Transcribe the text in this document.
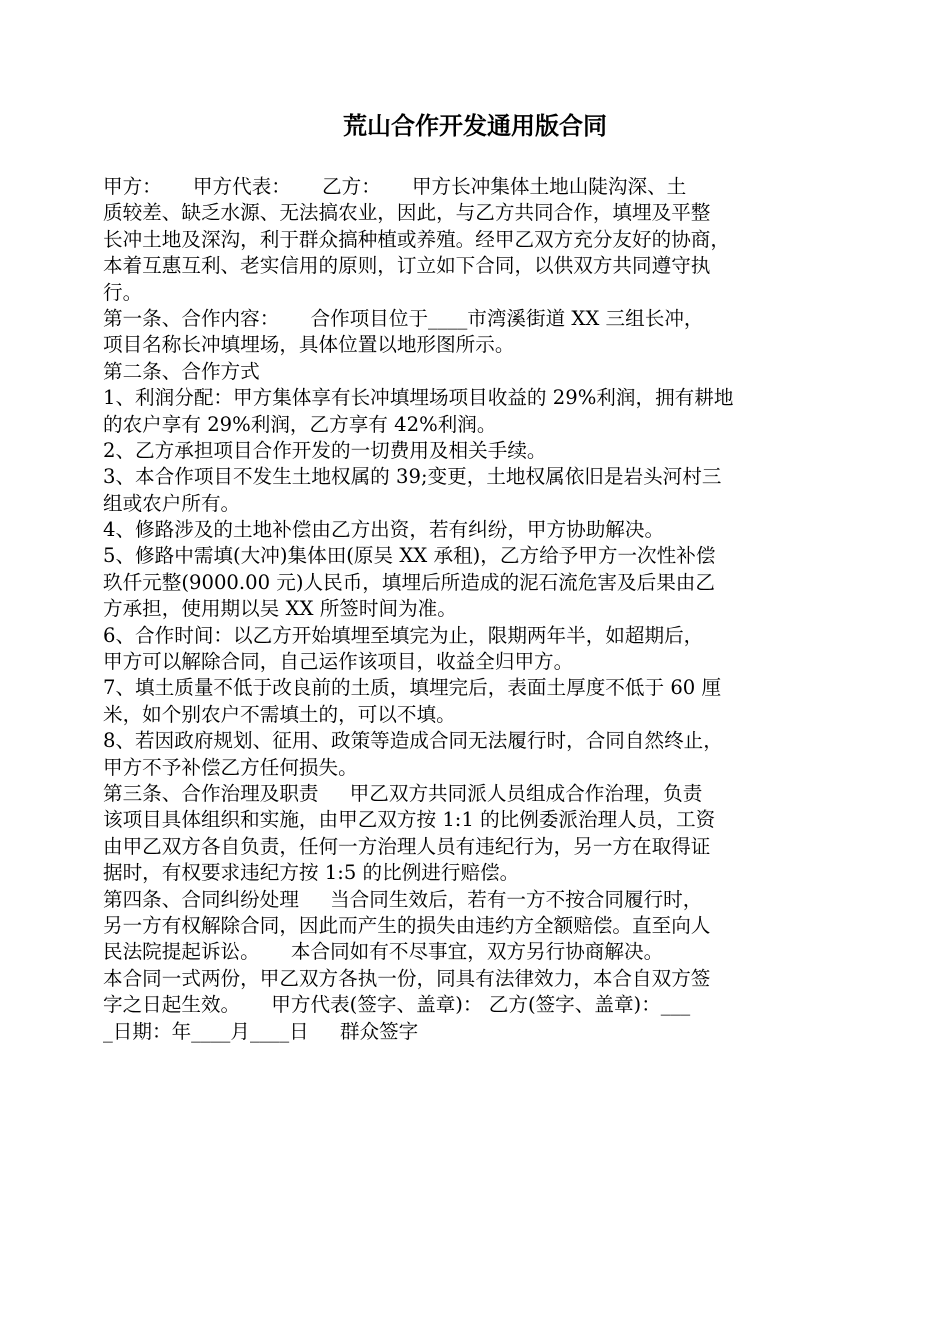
荒山合作开发通用版合同
甲方：     甲方代表：     乙方：     甲方长冲集体土地山陡沟深、土
质较差、缺乏水源、无法搞农业，因此，与乙方共同合作，填埋及平整
长冲土地及深沟，利于群众搞种植或养殖。经甲乙双方充分友好的协商，
本着互惠互利、老实信用的原则，订立如下合同，以供双方共同遵守执
行。
第一条、合作内容：     合作项目位于____市湾溪街道 XX 三组长冲，
项目名称长冲填埋场，具体位置以地形图所示。
第二条、合作方式
1、利润分配：甲方集体享有长冲填埋场项目收益的 29%利润，拥有耕地
的农户享有 29%利润，乙方享有 42%利润。
2、乙方承担项目合作开发的一切费用及相关手续。
3、本合作项目不发生土地权属的 39;变更，土地权属依旧是岩头河村三
组或农户所有。
4、修路涉及的土地补偿由乙方出资，若有纠纷，甲方协助解决。
5、修路中需填(大冲)集体田(原吴 XX 承租)，乙方给予甲方一次性补偿
玖仟元整(9000.00 元)人民币，填埋后所造成的泥石流危害及后果由乙
方承担，使用期以吴 XX 所签时间为准。
6、合作时间：以乙方开始填埋至填完为止，限期两年半，如超期后，
甲方可以解除合同，自己运作该项目，收益全归甲方。
7、填土质量不低于改良前的土质，填埋完后，表面土厚度不低于 60 厘
米，如个别农户不需填土的，可以不填。
8、若因政府规划、征用、政策等造成合同无法履行时，合同自然终止，
甲方不予补偿乙方任何损失。
第三条、合作治理及职责     甲乙双方共同派人员组成合作治理，负责
该项目具体组织和实施，由甲乙双方按 1:1 的比例委派治理人员，工资
由甲乙双方各自负责，任何一方治理人员有违纪行为，另一方在取得证
据时，有权要求违纪方按 1:5 的比例进行赔偿。
第四条、合同纠纷处理     当合同生效后，若有一方不按合同履行时，
另一方有权解除合同，因此而产生的损失由违约方全额赔偿。直至向人
民法院提起诉讼。     本合同如有不尽事宜，双方另行协商解决。
本合同一式两份，甲乙双方各执一份，同具有法律效力，本合自双方签
字之日起生效。     甲方代表(签字、盖章)： 乙方(签字、盖章)：___
_日期：年____月____日     群众签字
